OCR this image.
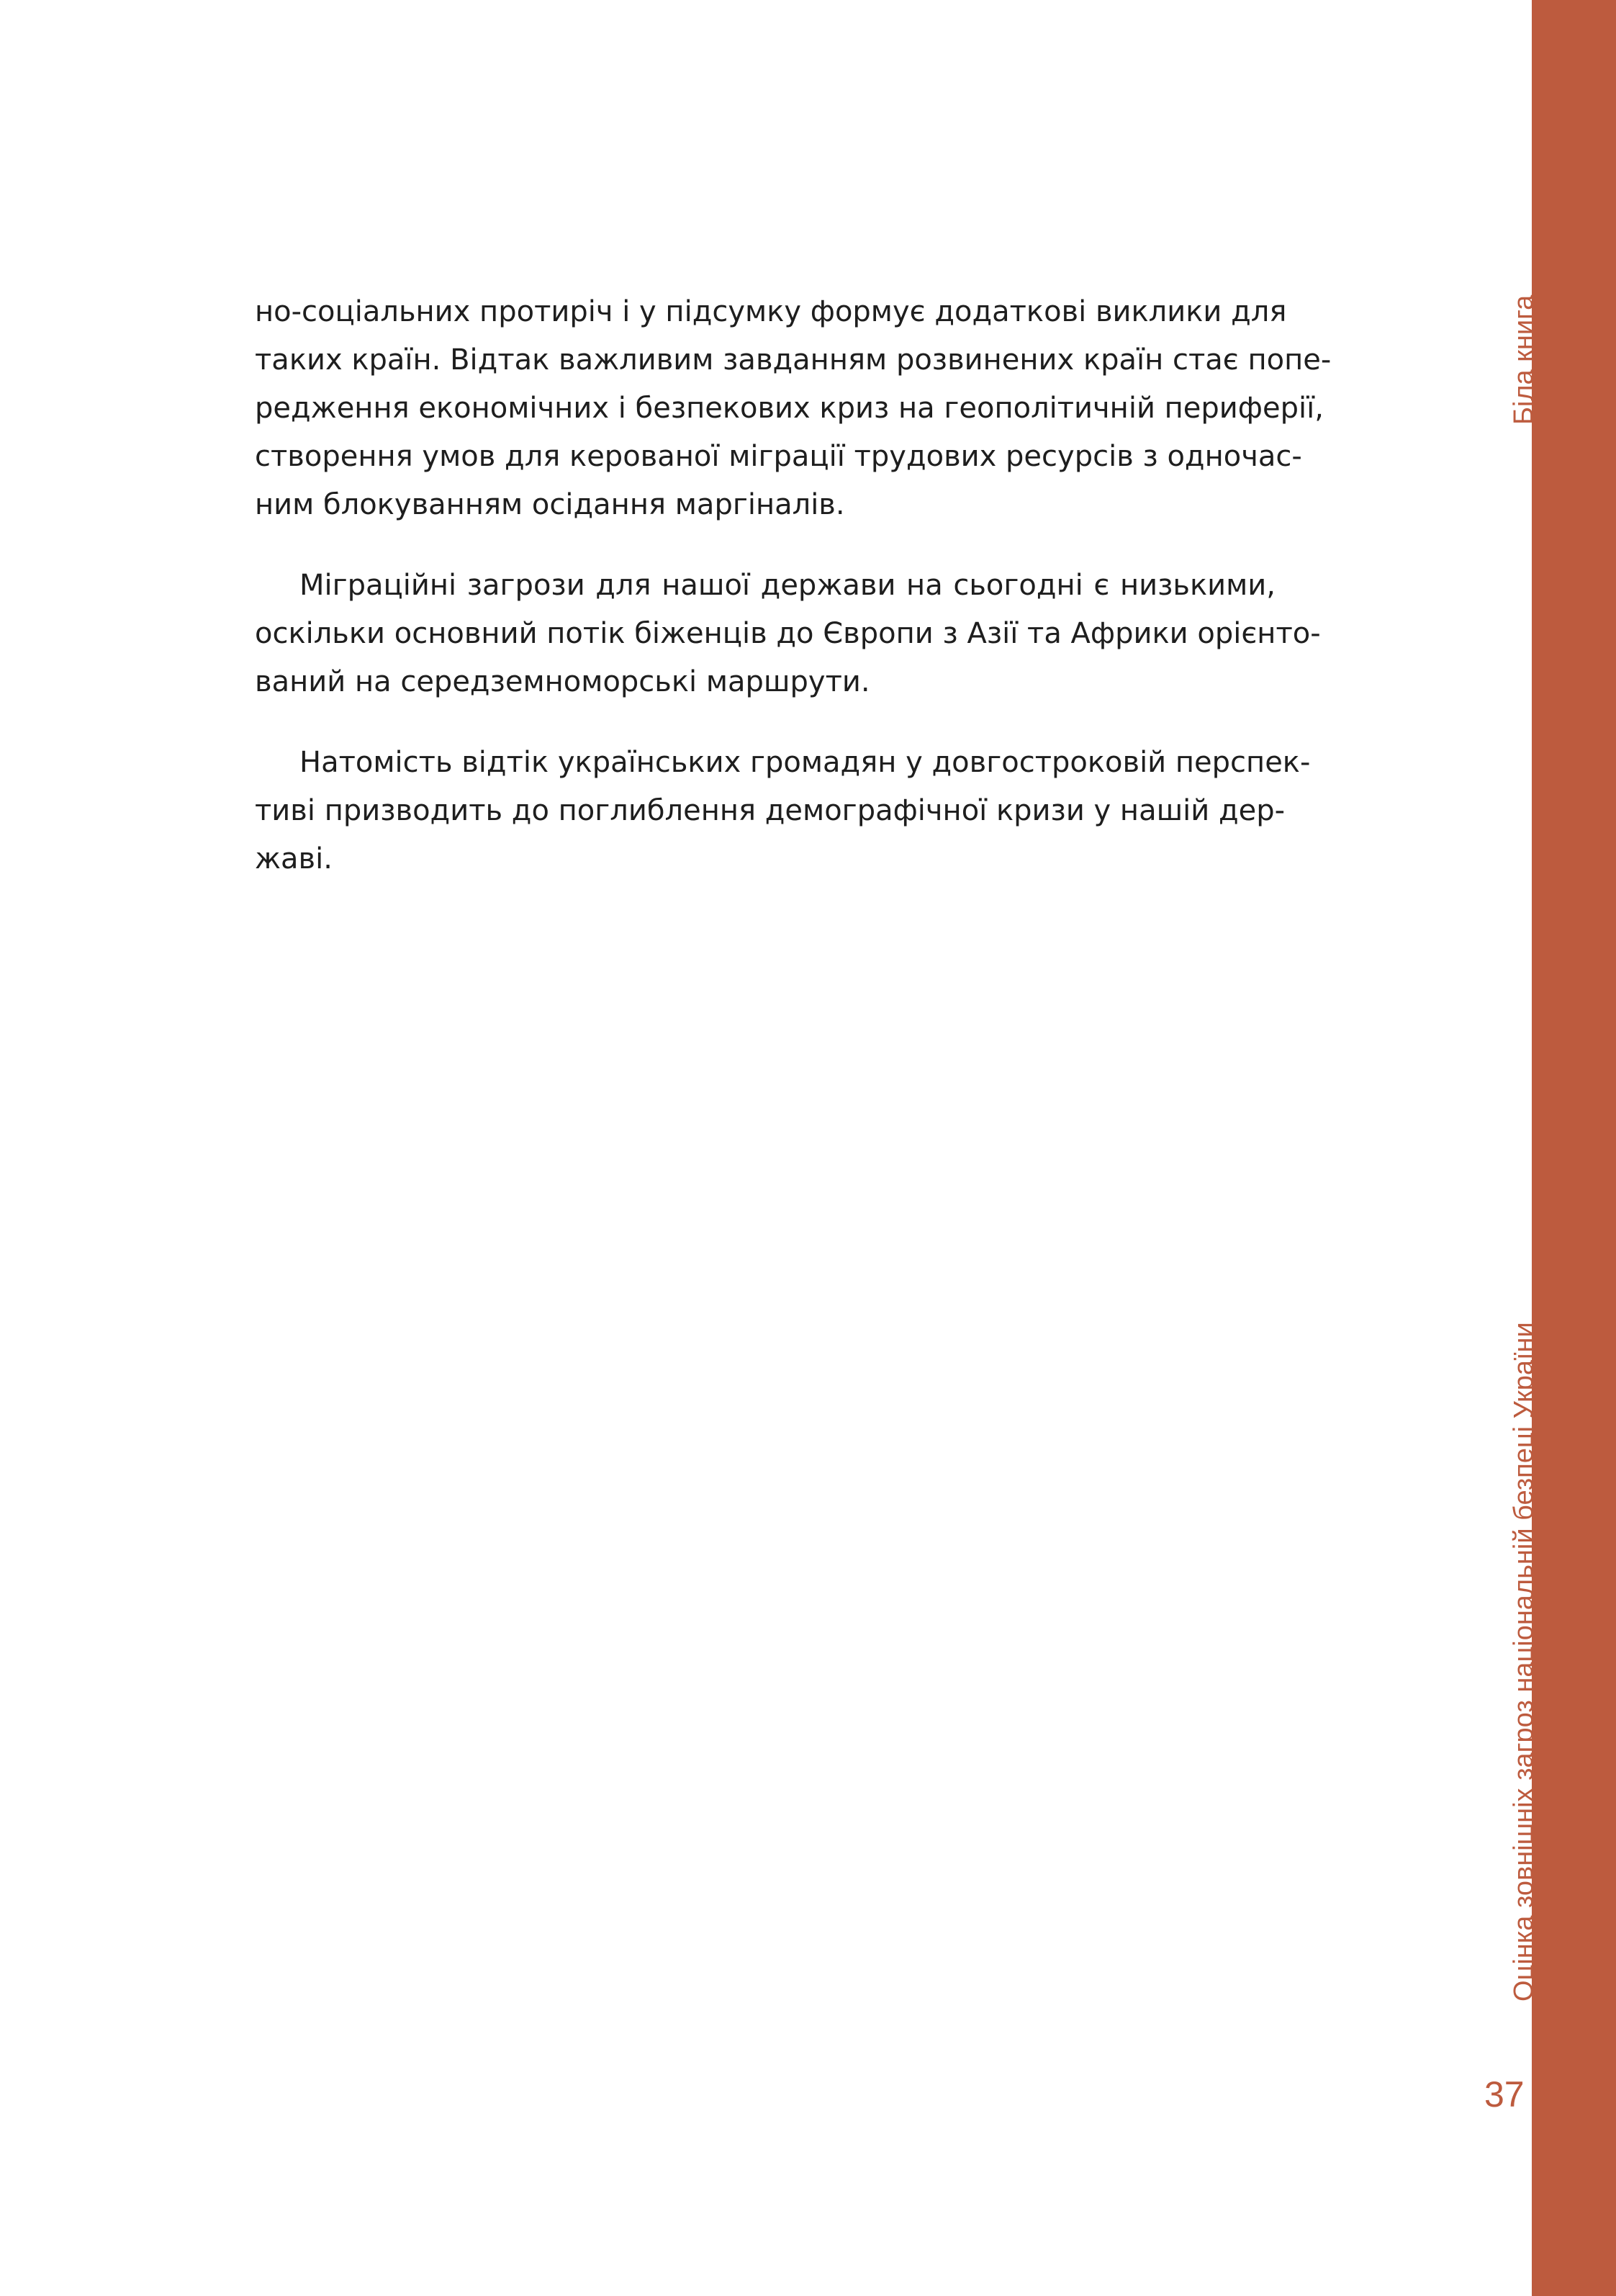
Біла книга
Оцінка зовнішніх загроз національній безпеці України
37

но-соціальних протиріч і у підсумку формує додаткові виклики для
таких країн. Відтак важливим завданням розвинених країн стає попе-
редження економічних і безпекових криз на геополітичній периферії,
створення умов для керованої міграції трудових ресурсів з одночас-
ним блокуванням осідання маргіналів.

Міграційні загрози для нашої держави на сьогодні є низькими,
оскільки основний потік біженців до Європи з Азії та Африки орієнто-
ваний на середземноморські маршрути.

Натомість відтік українських громадян у довгостроковій перспек-
тиві призводить до поглиблення демографічної кризи у нашій дер-
жаві.
